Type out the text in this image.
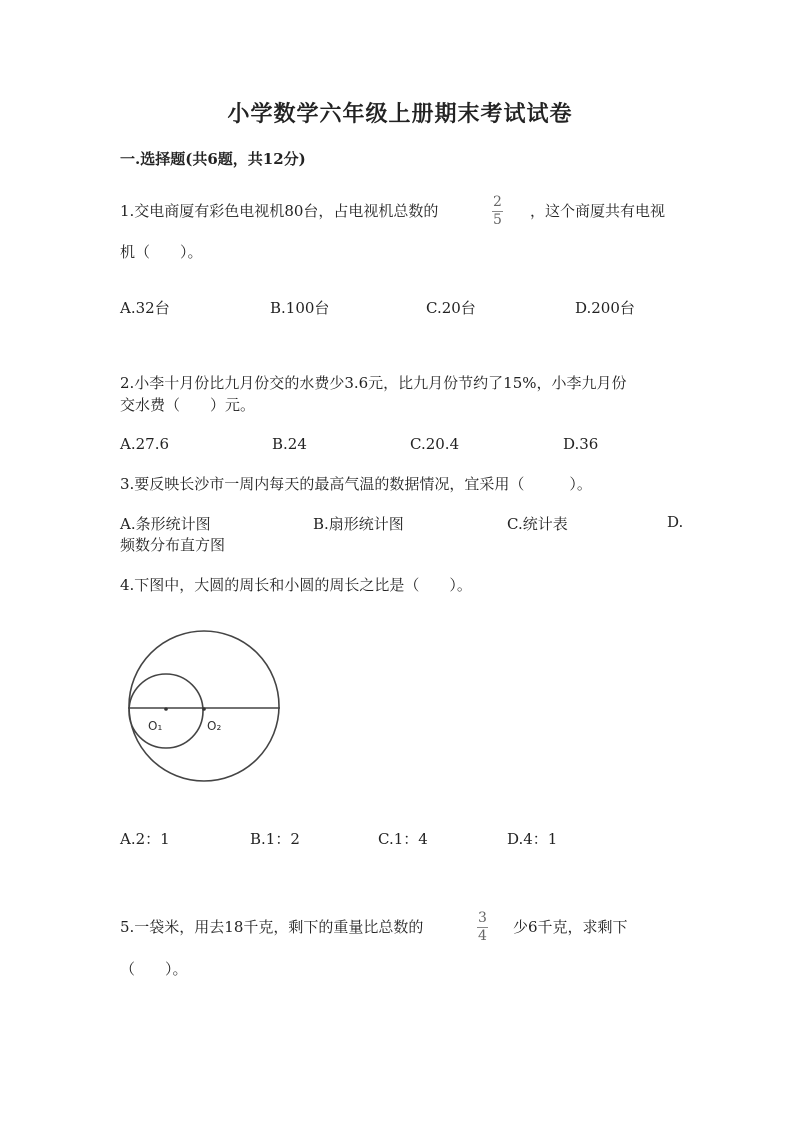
小学数学六年级上册期末考试试卷
一.选择题(共6题，共12分)
1.交电商厦有彩色电视机80台，占电视机总数的	2
5 ，这个商厦共有电视
机（　　）。
A.32台	B.100台	C.20台	D.200台
2.小李十月份比九月份交的水费少3.6元，比九月份节约了15%，小李九月份
交水费（　　）元。
A.27.6	B.24	C.20.4	D.36
3.要反映长沙市一周内每天的最高气温的数据情况，宜采用（　　　）。
A.条形统计图	B.扇形统计图	C.统计表	D.
频数分布直方图
4.下图中，大圆的周长和小圆的周长之比是（　　）。
O₁	O₂
A.2：1	B.1：2	C.1：4	D.4：1
5.一袋米，用去18千克，剩下的重量比总数的	3
4 少6千克，求剩下
（　　）。
